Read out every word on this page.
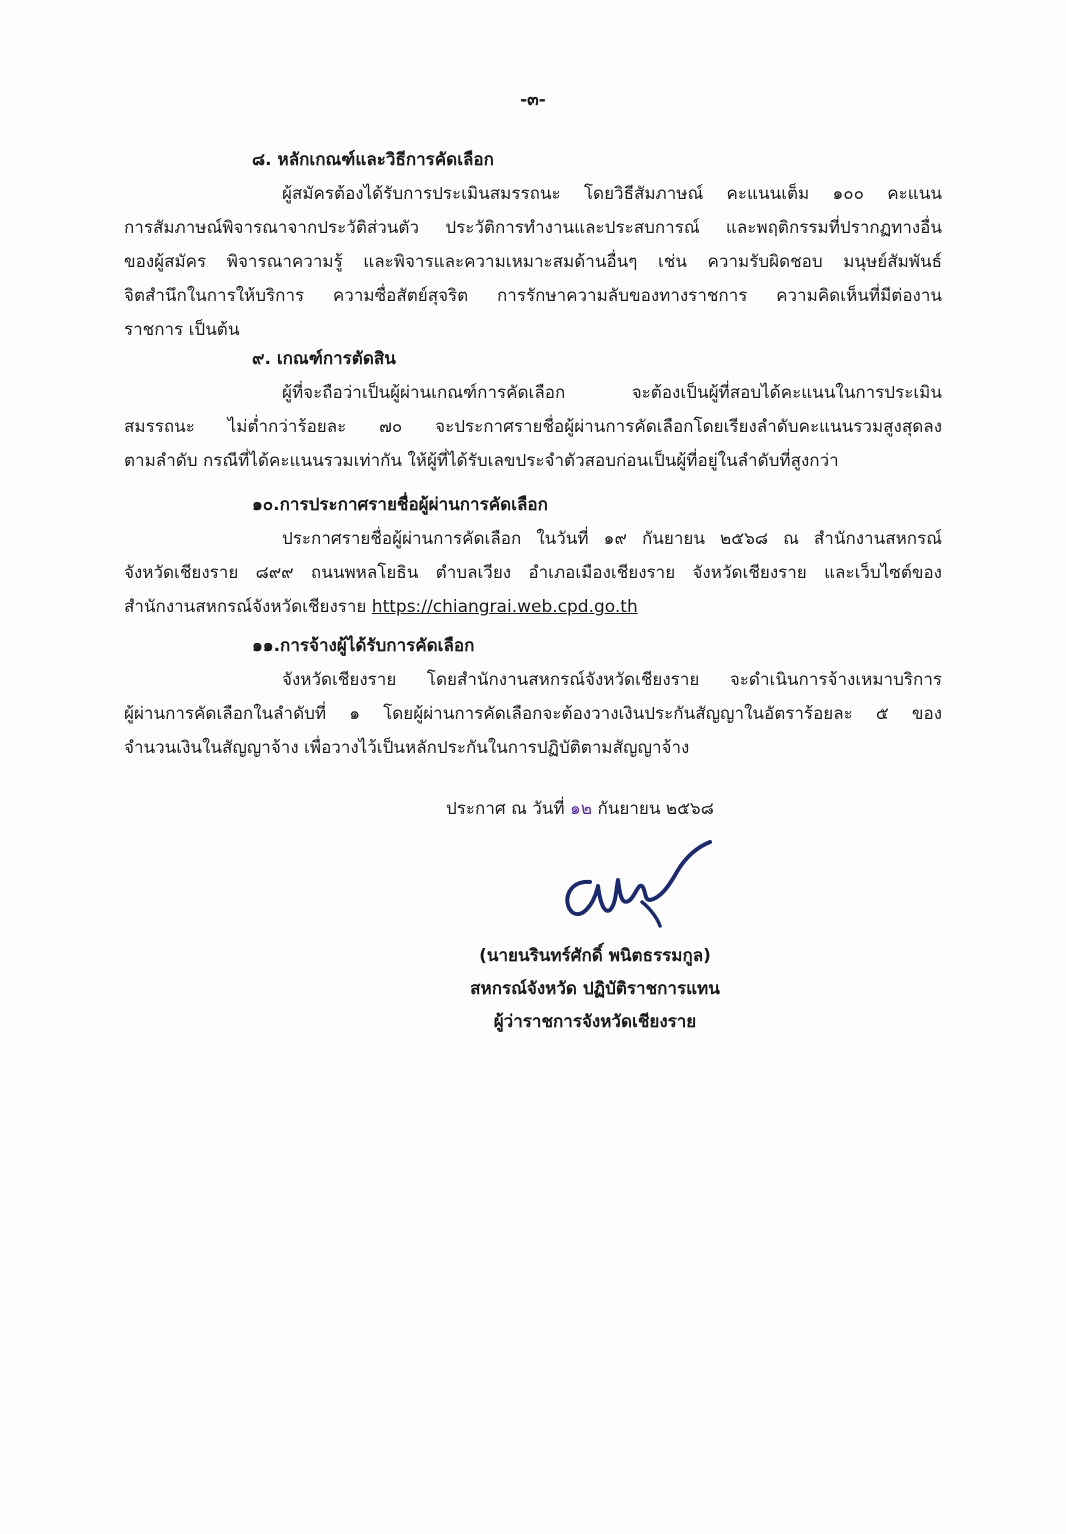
-๓-
๘. หลักเกณฑ์และวิธีการคัดเลือก
ผู้สมัครต้องได้รับการประเมินสมรรถนะ โดยวิธีสัมภาษณ์ คะแนนเต็ม ๑๐๐ คะแนน
การสัมภาษณ์พิจารณาจากประวัติส่วนตัว ประวัติการทำงานและประสบการณ์ และพฤติกรรมที่ปรากฏทางอื่น
ของผู้สมัคร พิจารณาความรู้ และพิจารและความเหมาะสมด้านอื่นๆ เช่น ความรับผิดชอบ มนุษย์สัมพันธ์
จิตสำนึกในการให้บริการ ความซื่อสัตย์สุจริต การรักษาความลับของทางราชการ ความคิดเห็นที่มีต่องาน
ราชการ เป็นต้น
๙. เกณฑ์การตัดสิน
ผู้ที่จะถือว่าเป็นผู้ผ่านเกณฑ์การคัดเลือก จะต้องเป็นผู้ที่สอบได้คะแนนในการประเมิน
สมรรถนะ ไม่ต่ำกว่าร้อยละ ๗๐ จะประกาศรายชื่อผู้ผ่านการคัดเลือกโดยเรียงลำดับคะแนนรวมสูงสุดลง
ตามลำดับ กรณีที่ได้คะแนนรวมเท่ากัน ให้ผู้ที่ได้รับเลขประจำตัวสอบก่อนเป็นผู้ที่อยู่ในลำดับที่สูงกว่า
๑๐.การประกาศรายชื่อผู้ผ่านการคัดเลือก
ประกาศรายชื่อผู้ผ่านการคัดเลือก ในวันที่ ๑๙ กันยายน ๒๕๖๘ ณ สำนักงานสหกรณ์
จังหวัดเชียงราย ๘๙๙ ถนนพหลโยธิน ตำบลเวียง อำเภอเมืองเชียงราย จังหวัดเชียงราย และเว็บไซต์ของ
สำนักงานสหกรณ์จังหวัดเชียงราย https://chiangrai.web.cpd.go.th
๑๑.การจ้างผู้ได้รับการคัดเลือก
จังหวัดเชียงราย โดยสำนักงานสหกรณ์จังหวัดเชียงราย จะดำเนินการจ้างเหมาบริการ
ผู้ผ่านการคัดเลือกในลำดับที่ ๑ โดยผู้ผ่านการคัดเลือกจะต้องวางเงินประกันสัญญาในอัตราร้อยละ ๕ ของ
จำนวนเงินในสัญญาจ้าง เพื่อวางไว้เป็นหลักประกันในการปฏิบัติตามสัญญาจ้าง
ประกาศ ณ วันที่ ๑๒ กันยายน ๒๕๖๘
(นายนรินทร์ศักดิ์ พนิตธรรมกูล)
สหกรณ์จังหวัด ปฏิบัติราชการแทน
ผู้ว่าราชการจังหวัดเชียงราย
